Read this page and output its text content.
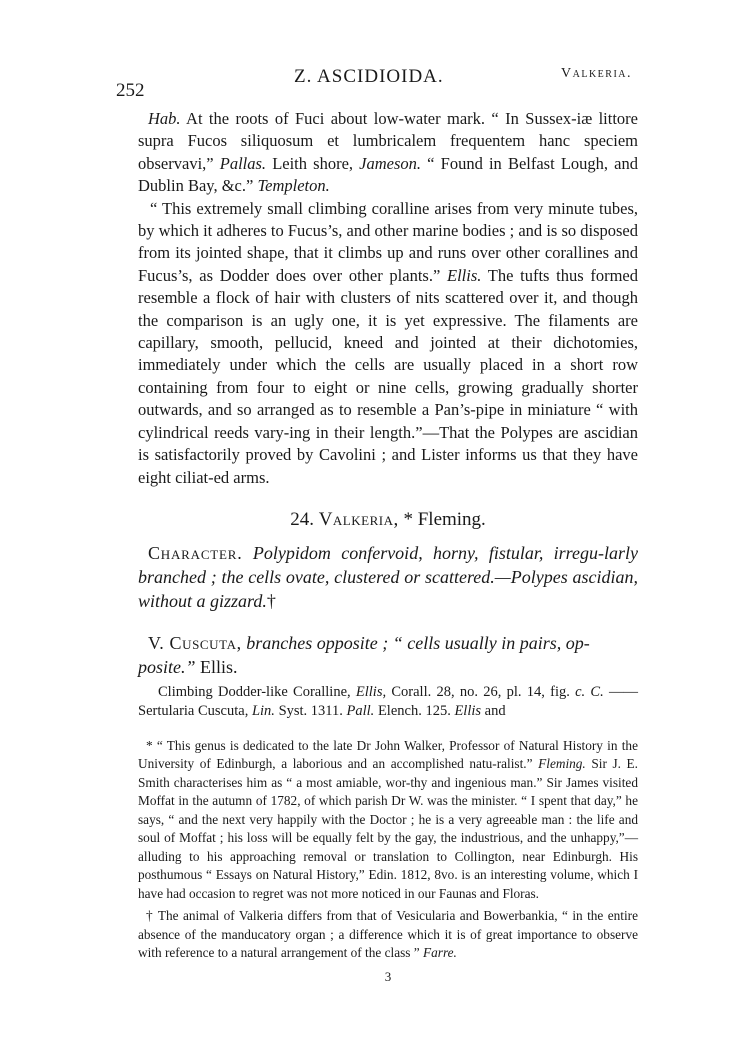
252
Z. ASCIDIOIDA.	Valkeria.

Hab. At the roots of Fuci about low-water mark. “ In Sussex-iæ littore supra Fucos siliquosum et lumbricalem frequentem hanc speciem observavi,” Pallas. Leith shore, Jameson. “ Found in Belfast Lough, and Dublin Bay, &c.” Templeton.

“ This extremely small climbing coralline arises from very minute tubes, by which it adheres to Fucus’s, and other marine bodies ; and is so disposed from its jointed shape, that it climbs up and runs over other corallines and Fucus’s, as Dodder does over other plants.” Ellis. The tufts thus formed resemble a flock of hair with clusters of nits scattered over it, and though the comparison is an ugly one, it is yet expressive. The filaments are capillary, smooth, pellucid, kneed and jointed at their dichotomies, immediately under which the cells are usually placed in a short row containing from four to eight or nine cells, growing gradually shorter outwards, and so arranged as to resemble a Pan’s-pipe in miniature “ with cylindrical reeds vary-ing in their length.”—That the Polypes are ascidian is satisfactorily proved by Cavolini ; and Lister informs us that they have eight ciliat-ed arms.

24. Valkeria, * Fleming.
Character. Polypidom confervoid, horny, fistular, irregu-larly branched ; the cells ovate, clustered or scattered.—Polypes ascidian, without a gizzard.†
V. Cuscuta, branches opposite ; “ cells usually in pairs, op-posite.” Ellis.
Climbing Dodder-like Coralline, Ellis, Corall. 28, no. 26, pl. 14, fig. c. C. ——Sertularia Cuscuta, Lin. Syst. 1311. Pall. Elench. 125. Ellis and

* “ This genus is dedicated to the late Dr John Walker, Professor of Natural History in the University of Edinburgh, a laborious and an accomplished natu-ralist.” Fleming. Sir J. E. Smith characterises him as “ a most amiable, wor-thy and ingenious man.” Sir James visited Moffat in the autumn of 1782, of which parish Dr W. was the minister. “ I spent that day,” he says, “ and the next very happily with the Doctor ; he is a very agreeable man : the life and soul of Moffat ; his loss will be equally felt by the gay, the industrious, and the unhappy,”—alluding to his approaching removal or translation to Collington, near Edinburgh. His posthumous “ Essays on Natural History,” Edin. 1812, 8vo. is an interesting volume, which I have had occasion to regret was not more noticed in our Faunas and Floras.

† The animal of Valkeria differs from that of Vesicularia and Bowerbankia, “ in the entire absence of the manducatory organ ; a difference which it is of great importance to observe with reference to a natural arrangement of the class ” Farre.

3
